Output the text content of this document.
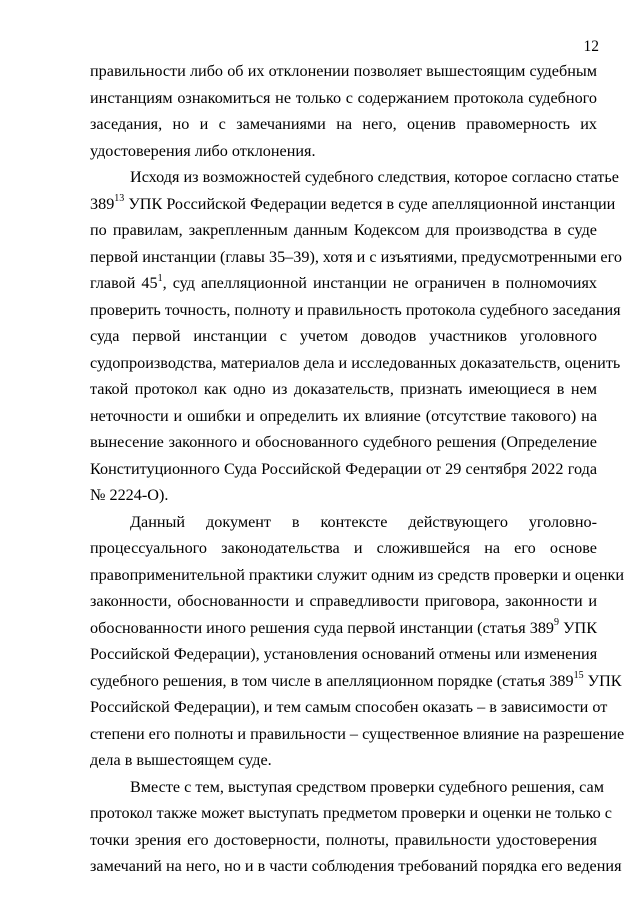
12
правильности либо об их отклонении позволяет вышестоящим судебным
инстанциям ознакомиться не только с содержанием протокола судебного
заседания, но и с замечаниями на него, оценив правомерность их
удостоверения либо отклонения.
Исходя из возможностей судебного следствия, которое согласно статье
$389^{13}$ УПК Российской Федерации ведется в суде апелляционной инстанции
по правилам, закрепленным данным Кодексом для производства в суде
первой инстанции (главы 35–39), хотя и с изъятиями, предусмотренными его
главой $45^1$, суд апелляционной инстанции не ограничен в полномочиях
проверить точность, полноту и правильность протокола судебного заседания
суда первой инстанции с учетом доводов участников уголовного
судопроизводства, материалов дела и исследованных доказательств, оценить
такой протокол как одно из доказательств, признать имеющиеся в нем
неточности и ошибки и определить их влияние (отсутствие такового) на
вынесение законного и обоснованного судебного решения (Определение
Конституционного Суда Российской Федерации от 29 сентября 2022 года
№ 2224-О).
Данный документ в контексте действующего уголовно-
процессуального законодательства и сложившейся на его основе
правоприменительной практики служит одним из средств проверки и оценки
законности, обоснованности и справедливости приговора, законности и
обоснованности иного решения суда первой инстанции (статья $389^9$ УПК
Российской Федерации), установления оснований отмены или изменения
судебного решения, в том числе в апелляционном порядке (статья $389^{15}$ УПК
Российской Федерации), и тем самым способен оказать – в зависимости от
степени его полноты и правильности – существенное влияние на разрешение
дела в вышестоящем суде.
Вместе с тем, выступая средством проверки судебного решения, сам
протокол также может выступать предметом проверки и оценки не только с
точки зрения его достоверности, полноты, правильности удостоверения
замечаний на него, но и в части соблюдения требований порядка его ведения
